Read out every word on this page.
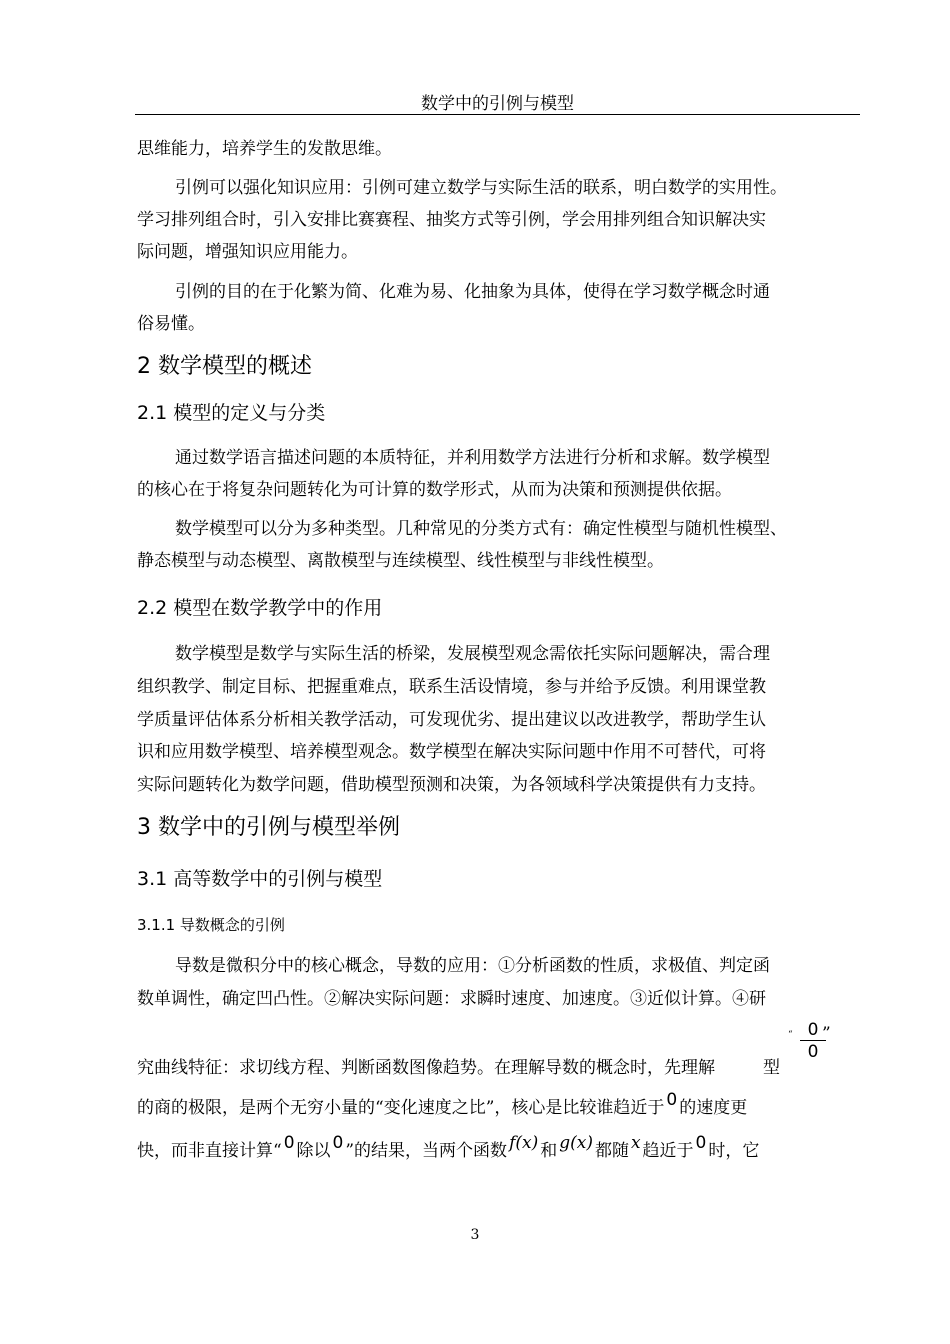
数学中的引例与模型
思维能力，培养学生的发散思维。
引例可以强化知识应用：引例可建立数学与实际生活的联系，明白数学的实用性。
学习排列组合时，引入安排比赛赛程、抽奖方式等引例，学会用排列组合知识解决实
际问题，增强知识应用能力。
引例的目的在于化繁为简、化难为易、化抽象为具体，使得在学习数学概念时通
俗易懂。
2 数学模型的概述
2.1 模型的定义与分类
通过数学语言描述问题的本质特征，并利用数学方法进行分析和求解。数学模型
的核心在于将复杂问题转化为可计算的数学形式，从而为决策和预测提供依据。
数学模型可以分为多种类型。几种常见的分类方式有：确定性模型与随机性模型、
静态模型与动态模型、离散模型与连续模型、线性模型与非线性模型。
2.2 模型在数学教学中的作用
数学模型是数学与实际生活的桥梁，发展模型观念需依托实际问题解决，需合理
组织教学、制定目标、把握重难点，联系生活设情境，参与并给予反馈。利用课堂教
学质量评估体系分析相关教学活动，可发现优劣、提出建议以改进教学，帮助学生认
识和应用数学模型、培养模型观念。数学模型在解决实际问题中作用不可替代，可将
实际问题转化为数学问题，借助模型预测和决策，为各领域科学决策提供有力支持。
3 数学中的引例与模型举例
3.1 高等数学中的引例与模型
3.1.1 导数概念的引例
导数是微积分中的核心概念，导数的应用：①分析函数的性质，求极值、判定函
数单调性，确定凹凸性。②解决实际问题：求瞬时速度、加速度。③近似计算。④研
“ $\frac{0}{0}$
”
究曲线特征：求切线方程、判断函数图像趋势。在理解导数的概念时，先理解	型
的商的极限，是两个无穷小量的“变化速度之比”，核心是比较谁趋近于 0 的速度更
快，而非直接计算“ 0 除以 0 ”的结果，当两个函数 f(x) 和 g(x) 都随 x 趋近于 0 时，它
3
